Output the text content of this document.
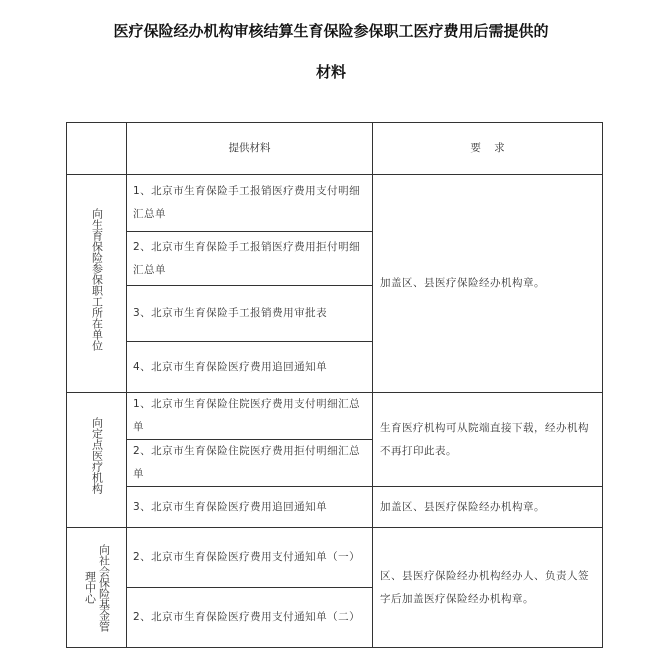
医疗保险经办机构审核结算生育保险参保职工医疗费用后需提供的
材料
	提供材料	要    求
向生育保险参保职工所在单位	1、北京市生育保险手工报销医疗费用支付明细汇总单	加盖区、县医疗保险经办机构章。
	2、北京市生育保险手工报销医疗费用拒付明细汇总单	
	3、北京市生育保险手工报销费用审批表	
	4、北京市生育保险医疗费用追回通知单	
向定点医疗机构	1、北京市生育保险住院医疗费用支付明细汇总单	生育医疗机构可从院端直接下载，经办机构不再打印此表。
	2、北京市生育保险住院医疗费用拒付明细汇总单	
	3、北京市生育保险医疗费用追回通知单	加盖区、县医疗保险经办机构章。

理中心 向社会保险基金管	2、北京市生育保险医疗费用支付通知单（一）	区、县医疗保险经办机构经办人、负责人签字后加盖医疗保险经办机构章。
	2、北京市生育保险医疗费用支付通知单（二）	
